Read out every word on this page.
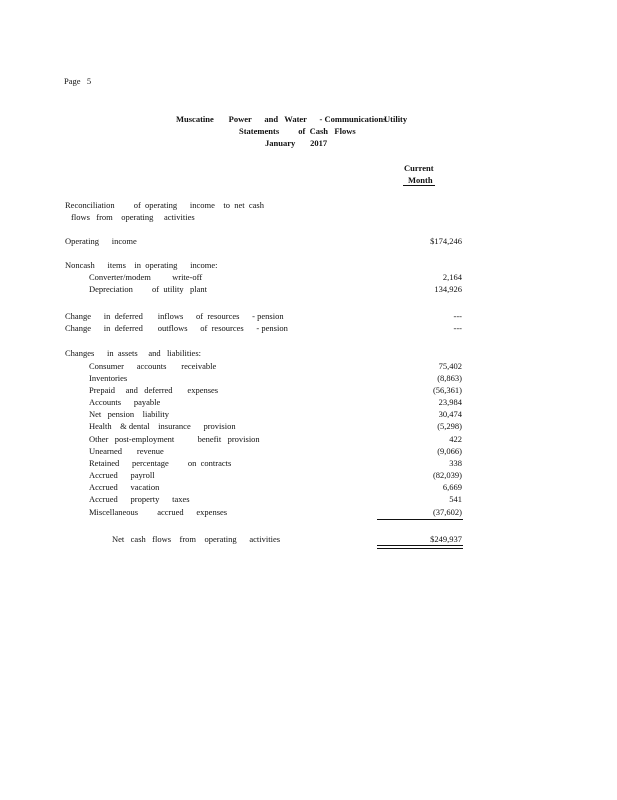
Page   5
Muscatine       Power      and   Water      - Communications
Utility
Statements         of  Cash   Flows
January       2017
Current
Month
Reconciliation         of  operating      income    to  net  cash
flows   from    operating     activities
Operating      income	$174,246
Noncash      items    in  operating      income:
Converter/modem          write-off	2,164
Depreciation         of  utility   plant	134,926
Change      in  deferred       inflows      of  resources      - pension	---
Change      in  deferred       outflows      of  resources      - pension	---
Changes      in  assets     and   liabilities:
Consumer      accounts       receivable	75,402
Inventories	(8,863)
Prepaid     and   deferred       expenses	(56,361)
Accounts      payable	23,984
Net   pension    liability	30,474
Health    & dental    insurance      provision	(5,298)
Other   post-employment           benefit   provision	422
Unearned       revenue	(9,066)
Retained      percentage         on  contracts	338
Accrued      payroll	(82,039)
Accrued      vacation	6,669
Accrued      property      taxes	541
Miscellaneous         accrued      expenses	(37,602)
Net   cash   flows    from    operating      activities	$249,937
